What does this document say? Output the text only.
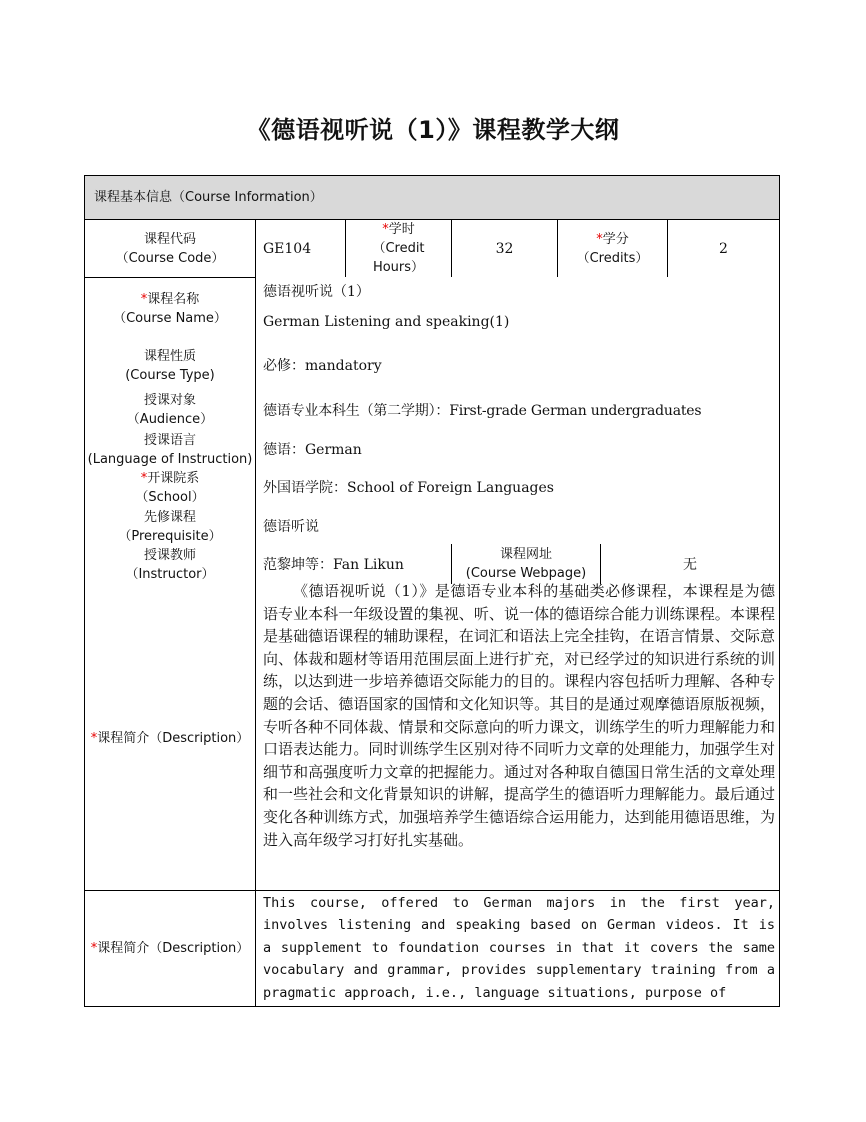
《德语视听说（1）》课程教学大纲
课程基本信息（Course Information）
课程代码
（Course Code）
GE104
*学时
（Credit Hours）
32
*学分
（Credits）
2
*课程名称
（Course Name）
德语视听说（1）
German Listening and speaking(1)
课程性质
(Course Type)
必修：mandatory
授课对象
（Audience）
德语专业本科生（第二学期）：First-grade German undergraduates
授课语言
(Language of Instruction)
德语：German
*开课院系
（School）
外国语学院：School of Foreign Languages
先修课程
（Prerequisite）
德语听说
授课教师
（Instructor）
范黎坤等：Fan Likun
课程网址
(Course Webpage)
无
*课程简介（Description）

《德语视听说（1）》是德语专业本科的基础类必修课程，本课程是为德语专业本科一年级设置的集视、听、说一体的德语综合能力训练课程。本课程是基础德语课程的辅助课程，在词汇和语法上完全挂钩，在语言情景、交际意向、体裁和题材等语用范围层面上进行扩充，对已经学过的知识进行系统的训练，以达到进一步培养德语交际能力的目的。课程内容包括听力理解、各种专题的会话、德语国家的国情和文化知识等。其目的是通过观摩德语原版视频，专听各种不同体裁、情景和交际意向的听力课文，训练学生的听力理解能力和口语表达能力。同时训练学生区别对待不同听力文章的处理能力，加强学生对细节和高强度听力文章的把握能力。通过对各种取自德国日常生活的文章处理和一些社会和文化背景知识的讲解，提高学生的德语听力理解能力。最后通过变化各种训练方式，加强培养学生德语综合运用能力，达到能用德语思维，为进入高年级学习打好扎实基础。

*课程简介（Description）
This course, offered to German majors in the first year, involves listening and speaking based on German videos. It is a supplement to foundation courses in that it covers the same vocabulary and grammar, provides supplementary training from a pragmatic approach, i.e., language situations, purpose of
